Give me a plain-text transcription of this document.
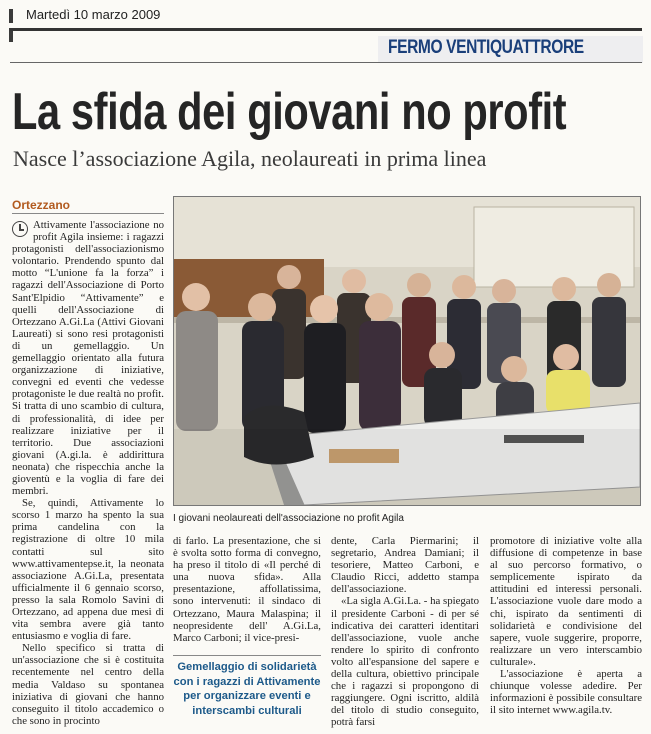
Martedì 10 marzo 2009
FERMO VENTIQUATTRORE
La sfida dei giovani no profit
Nasce l’associazione Agila, neolaureati in prima linea
Ortezzano

Attivamente l'associazione no profit Agila insieme: i ragazzi protagonisti dell'associazionismo volontario. Prendendo spunto dal motto “L'unione fa la forza” i ragazzi dell'Associazione di Porto Sant'Elpidio “Attivamente” e quelli dell'Associazione di Ortezzano A.Gi.La (Attivi Giovani Laureati) si sono resi protagonisti di un gemellaggio. Un gemellaggio orientato alla futura organizzazione di iniziative, convegni ed eventi che vedesse protagoniste le due realtà no profit. Si tratta di uno scambio di cultura, di professionalità, di idee per realizzare iniziative per il territorio. Due associazioni giovani (A.gi.la. è addirittura neonata) che rispecchia anche la gioventù e la voglia di fare dei membri.

Se, quindi, Attivamente lo scorso 1 marzo ha spento la sua prima candelina con la registrazione di oltre 10 mila contatti sul sito www.attivamentepse.it, la neonata associazione A.Gi.La, presentata ufficialmente il 6 gennaio scorso, presso la sala Romolo Savini di Ortezzano, ad appena due mesi di vita sembra avere già tanto entusiasmo e voglia di fare.

Nello specifico si tratta di un'associazione che si è costituita recentemente nel centro della media Valdaso su spontanea iniziativa di giovani che hanno conseguito il titolo accademico o che sono in procinto

I giovani neolaureati dell'associazione no profit Agila

di farlo. La presentazione, che si è svolta sotto forma di convegno, ha preso il titolo di «Il perché di una nuova sfida». Alla presentazione, affollatissima, sono intervenuti: il sindaco di Ortezzano, Maura Malaspina; il neopresidente dell' A.Gi.La, Marco Carboni; il vice-presi-

Gemellaggio di solidarietà con i ragazzi di Attivamente per organizzare eventi e interscambi culturali

dente, Carla Piermarini; il segretario, Andrea Damiani; il tesoriere, Matteo Carboni, e Claudio Ricci, addetto stampa dell'associazione.

«La sigla A.Gi.La. - ha spiegato il presidente Carboni - di per sé indicativa dei caratteri identitari dell'associazione, vuole anche rendere lo spirito di confronto volto all'espansione del sapere e della cultura, obiettivo principale che i ragazzi si propongono di raggiungere. Ogni iscritto, aldilà del titolo di studio conseguito, potrà farsi

promotore di iniziative volte alla diffusione di competenze in base al suo percorso formativo, o semplicemente ispirato da attitudini ed interessi personali. L'associazione vuole dare modo a chi, ispirato da sentimenti di solidarietà e condivisione del sapere, vuole suggerire, proporre, realizzare un vero interscambio culturale».

L'associazione è aperta a chiunque volesse adedire. Per informazioni è possibile consultare il sito internet www.agila.tv.
